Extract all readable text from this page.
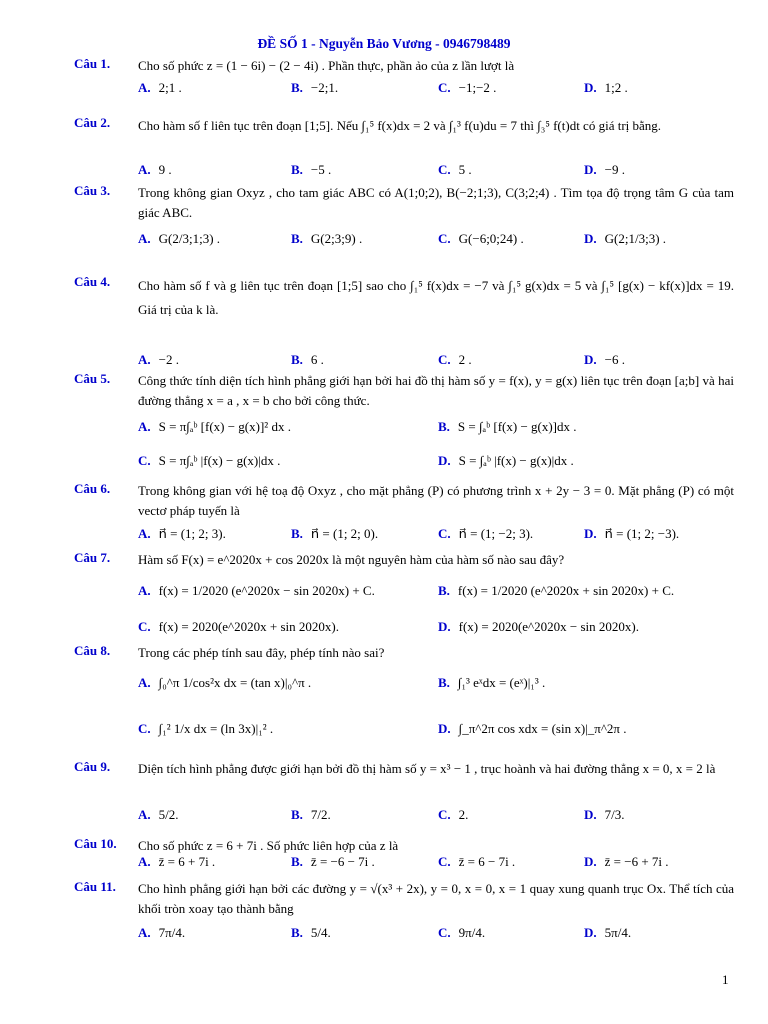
ĐỀ SỐ 1 - Nguyễn Bảo Vương - 0946798489
Câu 1. Cho số phức z = (1 − 6i) − (2 − 4i) . Phần thực, phần ảo của z lần lượt là
A. 2;1 .	B. −2;1.	C. −1;−2 .	D. 1;2 .
Câu 2. Cho hàm số f liên tục trên đoạn [1;5]. Nếu ∫₁⁵ f(x)dx = 2 và ∫₁³ f(u)du = 7 thì ∫₃⁵ f(t)dt có giá trị bằng.
A. 9 .	B. −5 .	C. 5 .	D. −9 .
Câu 3. Trong không gian Oxyz , cho tam giác ABC có A(1;0;2), B(−2;1;3), C(3;2;4) . Tìm tọa độ trọng tâm G của tam giác ABC.
A. G(2/3;1;3) .	B. G(2;3;9) .	C. G(−6;0;24) .	D. G(2;1/3;3) .
Câu 4. Cho hàm số f và g liên tục trên đoạn [1;5] sao cho ∫₁⁵ f(x)dx = −7 và ∫₁⁵ g(x)dx = 5 và ∫₁⁵ [g(x) − kf(x)]dx = 19. Giá trị của k là.
A. −2 .	B. 6 .	C. 2 .	D. −6 .
Câu 5. Công thức tính diện tích hình phẳng giới hạn bởi hai đồ thị hàm số y = f(x), y = g(x) liên tục trên đoạn [a;b] và hai đường thẳng x = a , x = b cho bởi công thức.
A. S = π∫ₐᵇ [f(x) − g(x)]² dx .	B. S = ∫ₐᵇ [f(x) − g(x)]dx .
C. S = π∫ₐᵇ |f(x) − g(x)|dx .	D. S = ∫ₐᵇ |f(x) − g(x)|dx .
Câu 6. Trong không gian với hệ toạ độ Oxyz , cho mặt phẳng (P) có phương trình x + 2y − 3 = 0. Mặt phẳng (P) có một vectơ pháp tuyến là
A. n⃗ = (1; 2; 3).	B. n⃗ = (1; 2; 0).	C. n⃗ = (1; −2; 3).	D. n⃗ = (1; 2; −3).
Câu 7. Hàm số F(x) = e^2020x + cos 2020x là một nguyên hàm của hàm số nào sau đây?
A. f(x) = 1/2020 (e^2020x − sin 2020x) + C.	B. f(x) = 1/2020 (e^2020x + sin 2020x) + C.
C. f(x) = 2020(e^2020x + sin 2020x).	D. f(x) = 2020(e^2020x − sin 2020x).
Câu 8. Trong các phép tính sau đây, phép tính nào sai?
A. ∫₀^π 1/cos²x dx = (tan x)|₀^π .	B. ∫₁³ eˣdx = (eˣ)|₁³ .
C. ∫₁² 1/x dx = (ln 3x)|₁² .	D. ∫_π^2π cos xdx = (sin x)|_π^2π .
Câu 9. Diện tích hình phẳng được giới hạn bởi đồ thị hàm số y = x³ − 1 , trục hoành và hai đường thẳng x = 0, x = 2 là
A. 5/2.	B. 7/2.	C. 2.	D. 7/3.
Câu 10. Cho số phức z = 6 + 7i . Số phức liên hợp của z là
A. z̄ = 6 + 7i .	B. z̄ = −6 − 7i .	C. z̄ = 6 − 7i .	D. z̄ = −6 + 7i .
Câu 11. Cho hình phẳng giới hạn bởi các đường y = √(x³ + 2x), y = 0, x = 0, x = 1 quay xung quanh trục Ox. Thể tích của khối tròn xoay tạo thành bằng
A. 7π/4.	B. 5/4.	C. 9π/4.	D. 5π/4.
1
